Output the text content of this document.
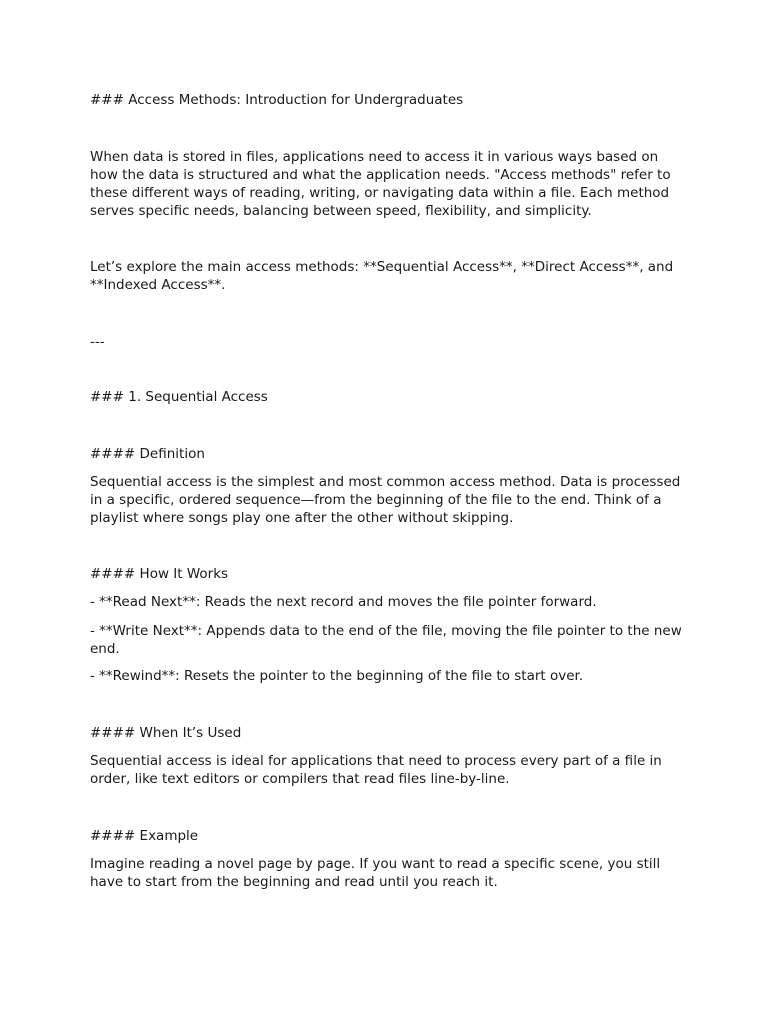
### Access Methods: Introduction for Undergraduates

When data is stored in files, applications need to access it in various ways based on how the data is structured and what the application needs. "Access methods" refer to these different ways of reading, writing, or navigating data within a file. Each method serves specific needs, balancing between speed, flexibility, and simplicity.

Let’s explore the main access methods: **Sequential Access**, **Direct Access**, and **Indexed Access**.

---

### 1. Sequential Access

#### Definition

Sequential access is the simplest and most common access method. Data is processed in a specific, ordered sequence—from the beginning of the file to the end. Think of a playlist where songs play one after the other without skipping.

#### How It Works

- **Read Next**: Reads the next record and moves the file pointer forward.

- **Write Next**: Appends data to the end of the file, moving the file pointer to the new end.

- **Rewind**: Resets the pointer to the beginning of the file to start over.

#### When It’s Used

Sequential access is ideal for applications that need to process every part of a file in order, like text editors or compilers that read files line-by-line.

#### Example

Imagine reading a novel page by page. If you want to read a specific scene, you still have to start from the beginning and read until you reach it.
